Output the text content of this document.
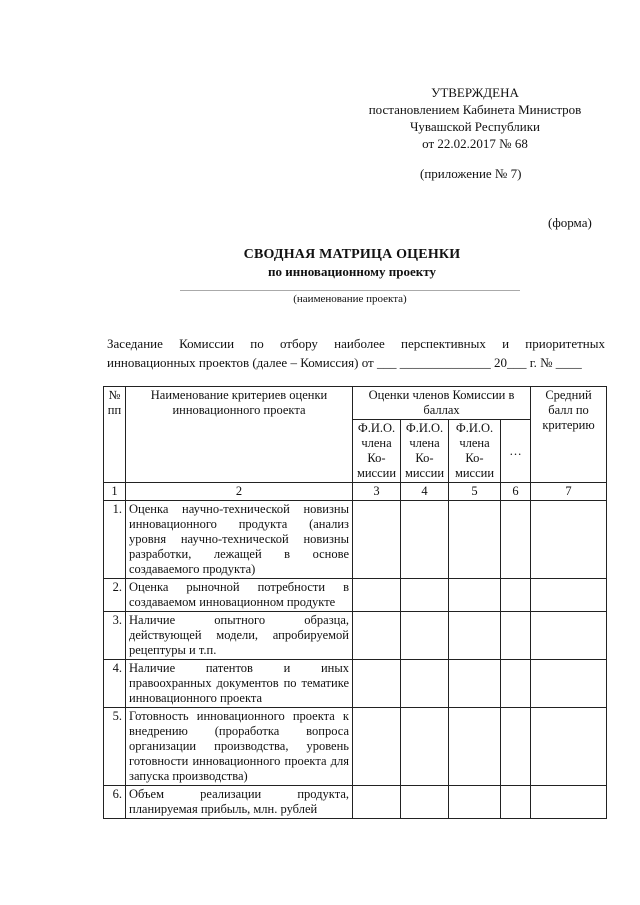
УТВЕРЖДЕНА
постановлением Кабинета Министров
Чувашской Республики
от 22.02.2017 № 68
(приложение № 7)
(форма)
СВОДНАЯ МАТРИЦА ОЦЕНКИ
по инновационному проекту
(наименование проекта)
Заседание Комиссии по отбору наиболее перспективных и приоритетных инновационных проектов (далее – Комиссия) от ___ ______________ 20___ г. № ____
№ пп	Наименование критериев оценки инновационного проекта	Оценки членов Комиссии в баллах				Средний балл по критерию
		Ф.И.О. члена Ко-миссии	Ф.И.О. члена Ко-миссии	Ф.И.О. члена Ко-миссии	…	
1	2	3	4	5	6	7
1.	Оценка научно-технической новизны инновационного продукта (анализ уровня научно-технической новизны разработки, лежащей в основе создаваемого продукта)					
2.	Оценка рыночной потребности в создаваемом инновационном продукте					
3.	Наличие опытного образца, действующей модели, апробируемой рецептуры и т.п.					
4.	Наличие патентов и иных правоохранных документов по тематике инновационного проекта					
5.	Готовность инновационного проекта к внедрению (проработка вопроса организации производства, уровень готовности инновационного проекта для запуска производства)					
6.	Объем реализации продукта, планируемая прибыль, млн. рублей					
